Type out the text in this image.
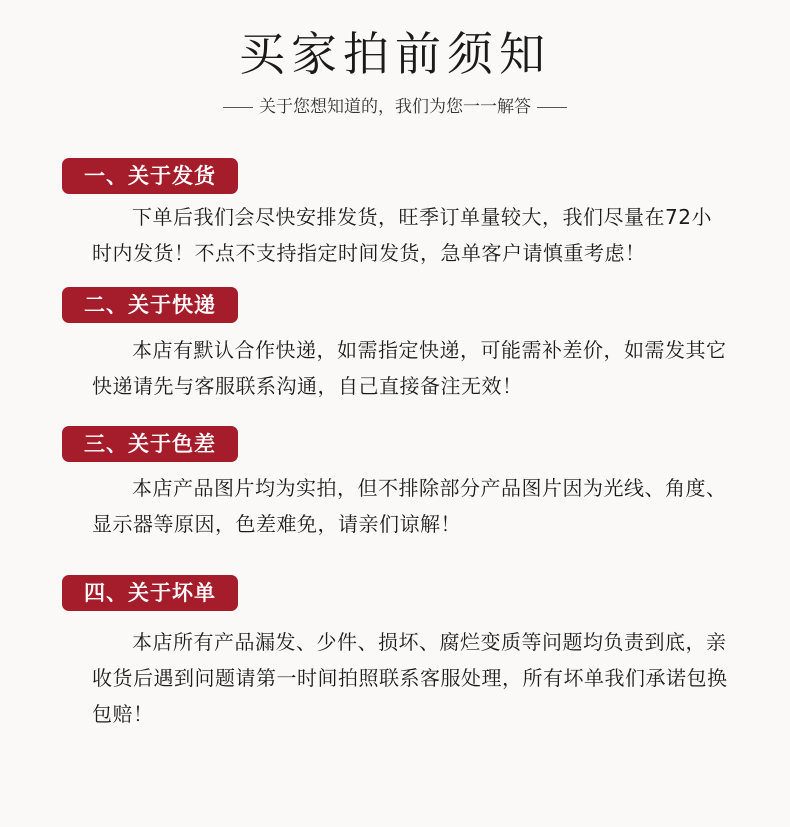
买家拍前须知
关于您想知道的，我们为您一一解答
一、关于发货
下单后我们会尽快安排发货，旺季订单量较大，我们尽量在72小时内发货！不点不支持指定时间发货，急单客户请慎重考虑！
二、关于快递
本店有默认合作快递，如需指定快递，可能需补差价，如需发其它快递请先与客服联系沟通，自己直接备注无效！
三、关于色差
本店产品图片均为实拍，但不排除部分产品图片因为光线、角度、显示器等原因，色差难免，请亲们谅解！
四、关于坏单
本店所有产品漏发、少件、损坏、腐烂变质等问题均负责到底，亲收货后遇到问题请第一时间拍照联系客服处理，所有坏单我们承诺包换包赔！
